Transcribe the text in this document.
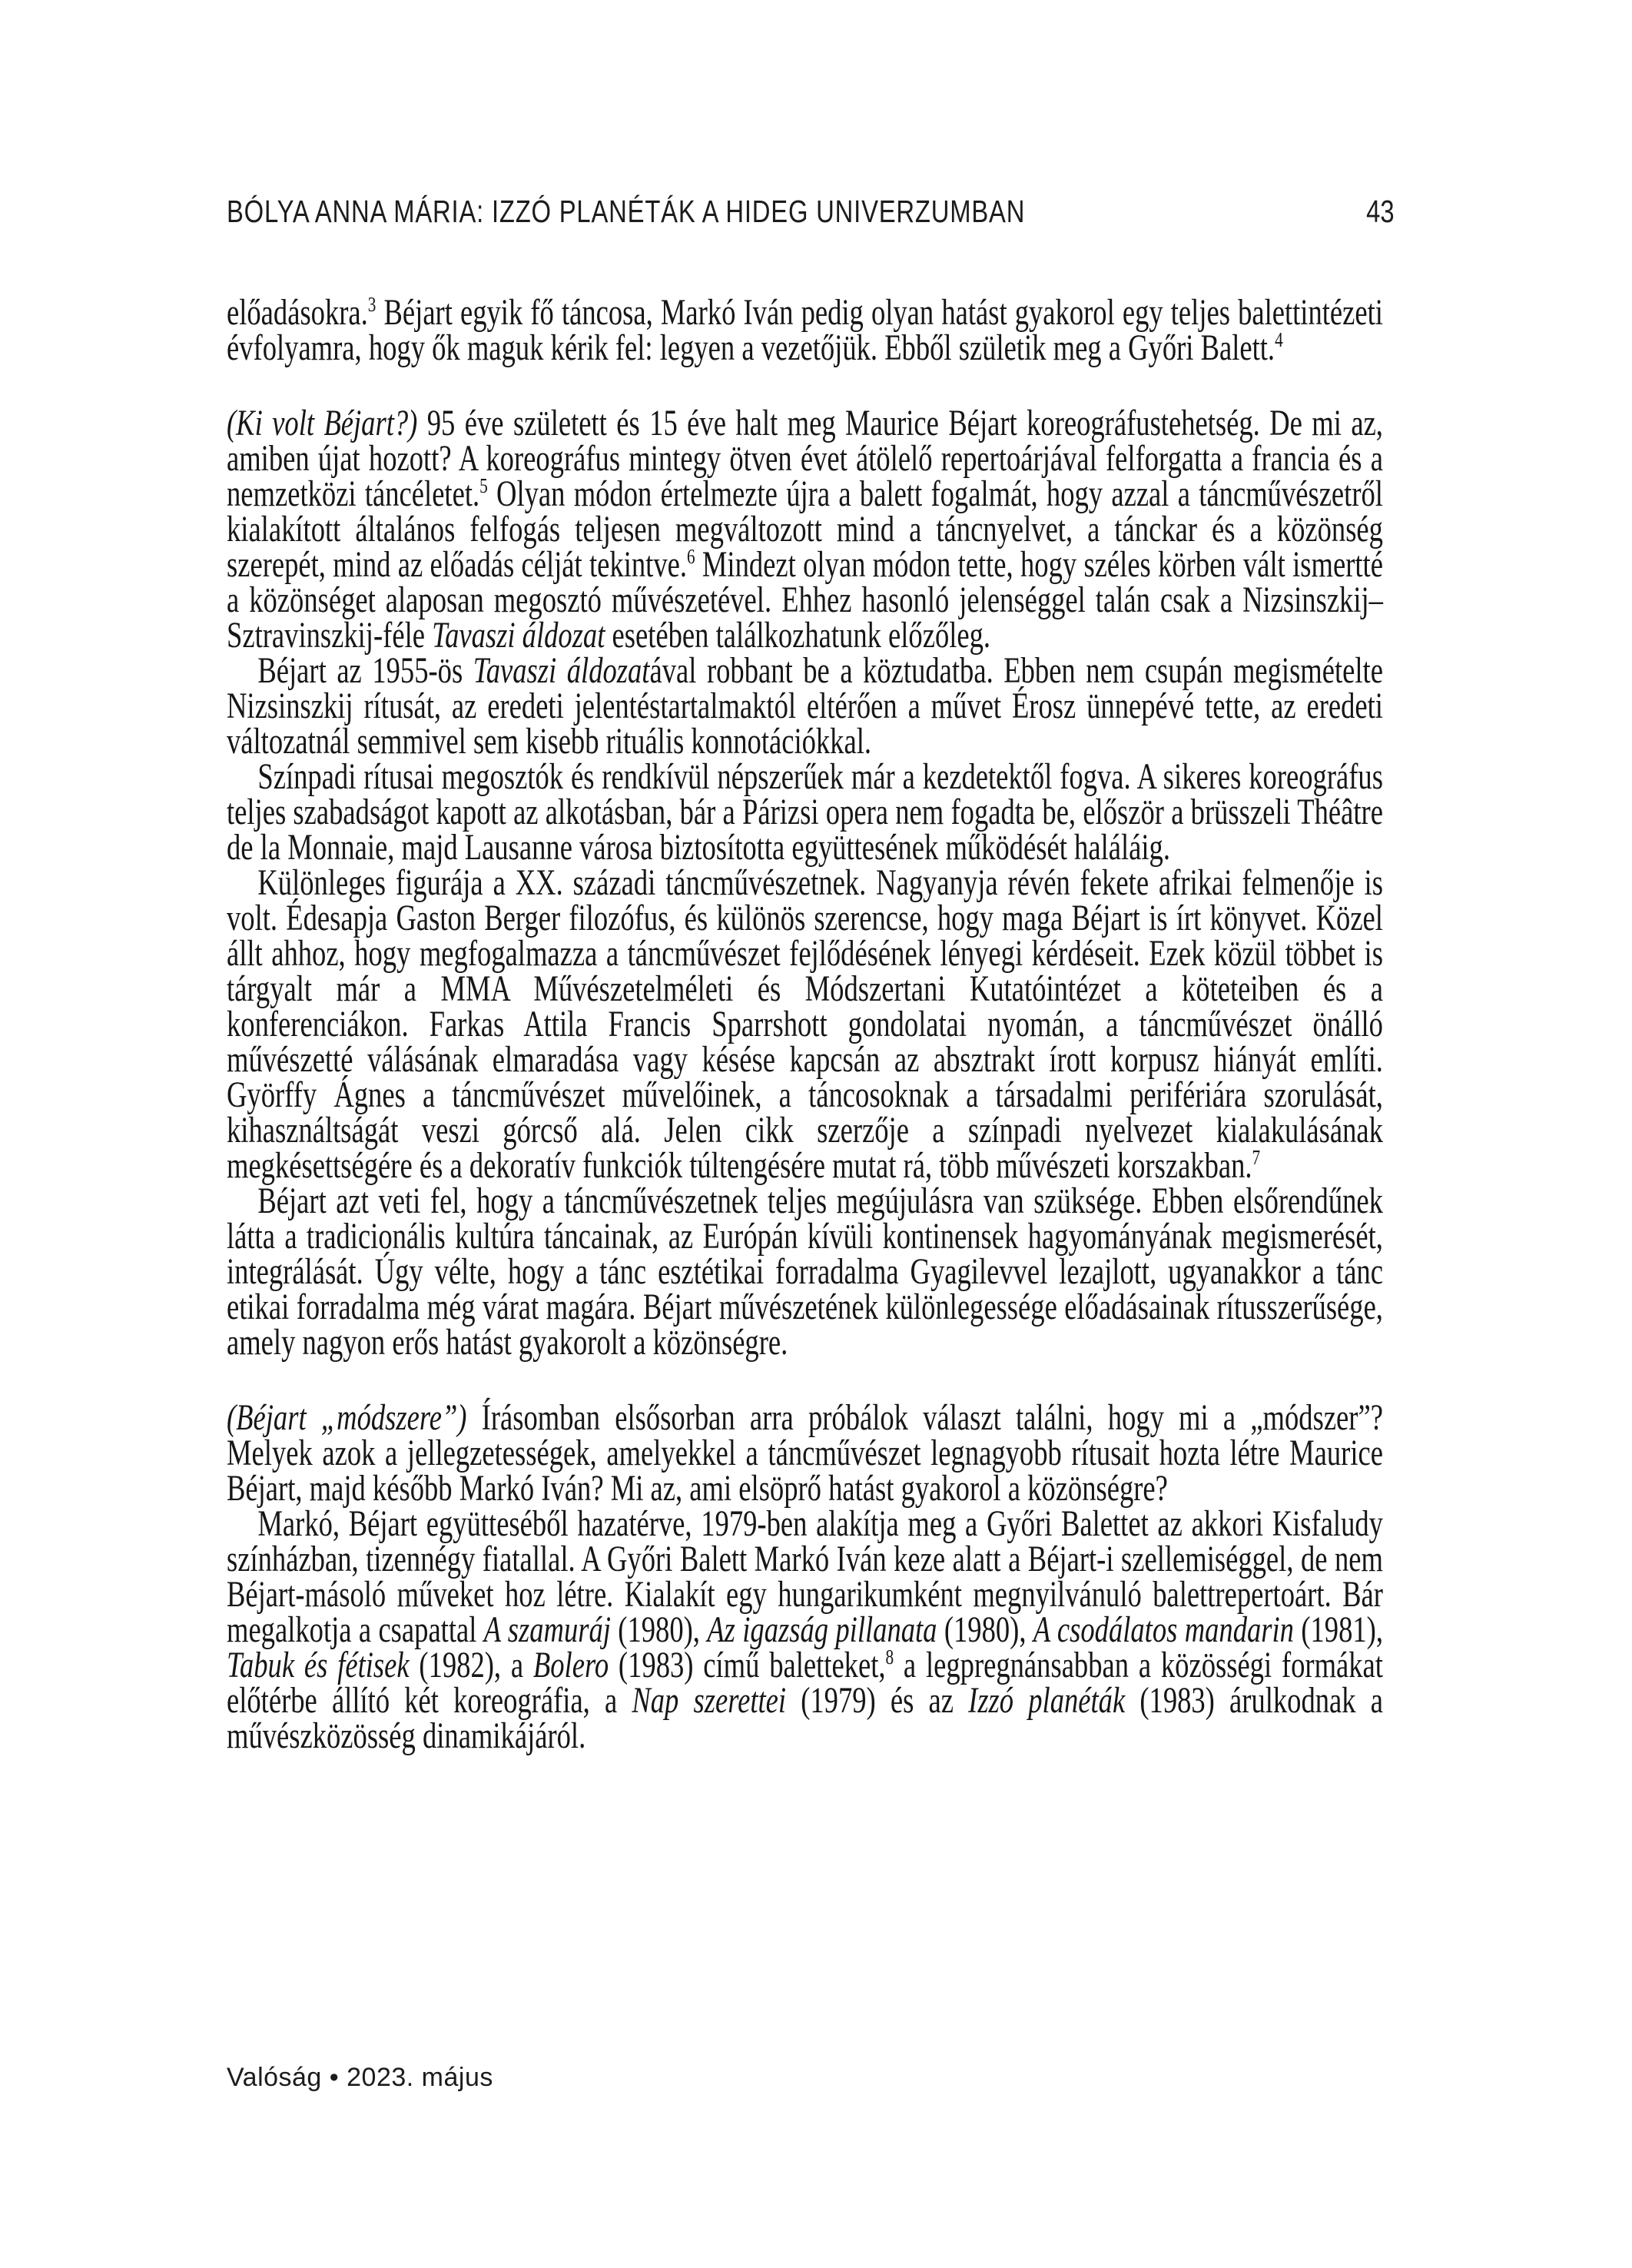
BÓLYA ANNA MÁRIA: IZZÓ PLANÉTÁK A HIDEG UNIVERZUMBAN	43

előadásokra.$^3$ Béjart egyik fő táncosa, Markó Iván pedig olyan hatást gyakorol egy teljes balettintézeti évfolyamra, hogy ők maguk kérik fel: legyen a vezetőjük. Ebből születik meg a Győri Balett.$^4$

(Ki volt Béjart?) 95 éve született és 15 éve halt meg Maurice Béjart koreográfustehetség. De mi az, amiben újat hozott? A koreográfus mintegy ötven évet átölelő repertoárjával felforgatta a francia és a nemzetközi táncéletet.$^5$ Olyan módon értelmezte újra a balett fogalmát, hogy azzal a táncművészetről kialakított általános felfogás teljesen megváltozott mind a táncnyelvet, a tánckar és a közönség szerepét, mind az előadás célját tekintve.$^6$ Mindezt olyan módon tette, hogy széles körben vált ismertté a közönséget alaposan megosztó művészetével. Ehhez hasonló jelenséggel talán csak a Nizsinszkij–Sztravinszkij-féle Tavaszi áldozat esetében találkozhatunk előzőleg.

Béjart az 1955-ös Tavaszi áldozatával robbant be a köztudatba. Ebben nem csupán megismételte Nizsinszkij rítusát, az eredeti jelentéstartalmaktól eltérően a művet Érosz ünnepévé tette, az eredeti változatnál semmivel sem kisebb rituális konnotációkkal.

Színpadi rítusai megosztók és rendkívül népszerűek már a kezdetektől fogva. A sikeres koreográfus teljes szabadságot kapott az alkotásban, bár a Párizsi opera nem fogadta be, először a brüsszeli Théâtre de la Monnaie, majd Lausanne városa biztosította együttesének működését haláláig.

Különleges figurája a XX. századi táncművészetnek. Nagyanyja révén fekete afrikai felmenője is volt. Édesapja Gaston Berger filozófus, és különös szerencse, hogy maga Béjart is írt könyvet. Közel állt ahhoz, hogy megfogalmazza a táncművészet fejlődésének lényegi kérdéseit. Ezek közül többet is tárgyalt már a MMA Művészetelméleti és Módszertani Kutatóintézet a köteteiben és a konferenciákon. Farkas Attila Francis Sparrshott gondolatai nyomán, a táncművészet önálló művészetté válásának elmaradása vagy késése kapcsán az absztrakt írott korpusz hiányát említi. Györffy Ágnes a táncművészet művelőinek, a táncosoknak a társadalmi perifériára szorulását, kihasználtságát veszi górcső alá. Jelen cikk szerzője a színpadi nyelvezet kialakulásának megkésettségére és a dekoratív funkciók túltengésére mutat rá, több művészeti korszakban.$^7$

Béjart azt veti fel, hogy a táncművészetnek teljes megújulásra van szüksége. Ebben elsőrendűnek látta a tradicionális kultúra táncainak, az Európán kívüli kontinensek hagyományának megismerését, integrálását. Úgy vélte, hogy a tánc esztétikai forradalma Gyagilevvel lezajlott, ugyanakkor a tánc etikai forradalma még várat magára. Béjart művészetének különlegessége előadásainak rítusszerűsége, amely nagyon erős hatást gyakorolt a közönségre.

(Béjart „módszere”) Írásomban elsősorban arra próbálok választ találni, hogy mi a „módszer”? Melyek azok a jellegzetességek, amelyekkel a táncművészet legnagyobb rítusait hozta létre Maurice Béjart, majd később Markó Iván? Mi az, ami elsöprő hatást gyakorol a közönségre?

Markó, Béjart együtteséből hazatérve, 1979-ben alakítja meg a Győri Balettet az akkori Kisfaludy színházban, tizennégy fiatallal. A Győri Balett Markó Iván keze alatt a Béjart-i szellemiséggel, de nem Béjart-másoló műveket hoz létre. Kialakít egy hungarikumként megnyilvánuló balettrepertoárt. Bár megalkotja a csapattal A szamuráj (1980), Az igazság pillanata (1980), A csodálatos mandarin (1981), Tabuk és fétisek (1982), a Bolero (1983) című baletteket,$^8$ a legpregnánsabban a közösségi formákat előtérbe állító két koreográfia, a Nap szerettei (1979) és az Izzó planéták (1983) árulkodnak a művészközösség dinamikájáról.

Valóság • 2023. május
